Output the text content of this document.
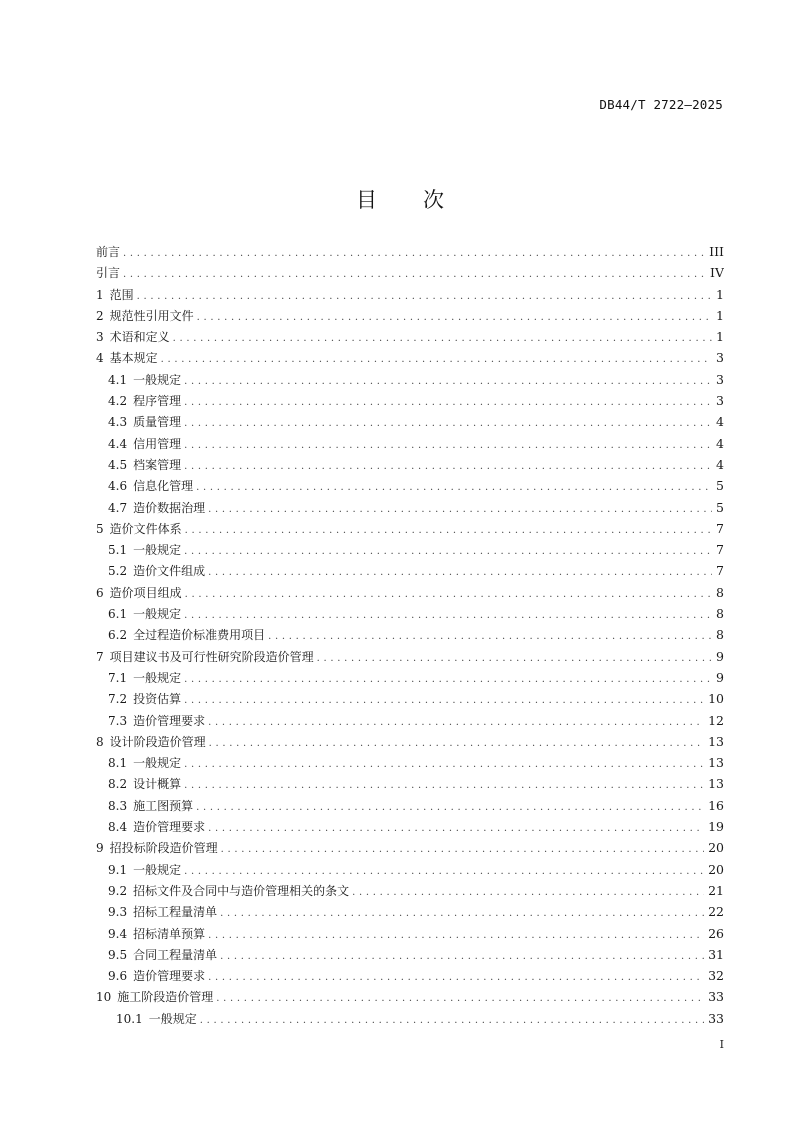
DB44/T 2722—2025
目 次
前言 .....	III
引言 .....	IV
1 范围 .....	1
2 规范性引用文件 .....	1
3 术语和定义 .....	1
4 基本规定 .....	3
4.1 一般规定 .....	3
4.2 程序管理 .....	3
4.3 质量管理 .....	4
4.4 信用管理 .....	4
4.5 档案管理 .....	4
4.6 信息化管理 .....	5
4.7 造价数据治理 .....	5
5 造价文件体系 .....	7
5.1 一般规定 .....	7
5.2 造价文件组成 .....	7
6 造价项目组成 .....	8
6.1 一般规定 .....	8
6.2 全过程造价标准费用项目 .....	8
7 项目建议书及可行性研究阶段造价管理 .....	9
7.1 一般规定 .....	9
7.2 投资估算 .....	10
7.3 造价管理要求 .....	12
8 设计阶段造价管理 .....	13
8.1 一般规定 .....	13
8.2 设计概算 .....	13
8.3 施工图预算 .....	16
8.4 造价管理要求 .....	19
9 招投标阶段造价管理 .....	20
9.1 一般规定 .....	20
9.2 招标文件及合同中与造价管理相关的条文 .....	21
9.3 招标工程量清单 .....	22
9.4 招标清单预算 .....	26
9.5 合同工程量清单 .....	31
9.6 造价管理要求 .....	32
10 施工阶段造价管理 .....	33
10.1 一般规定 .....	33
I
